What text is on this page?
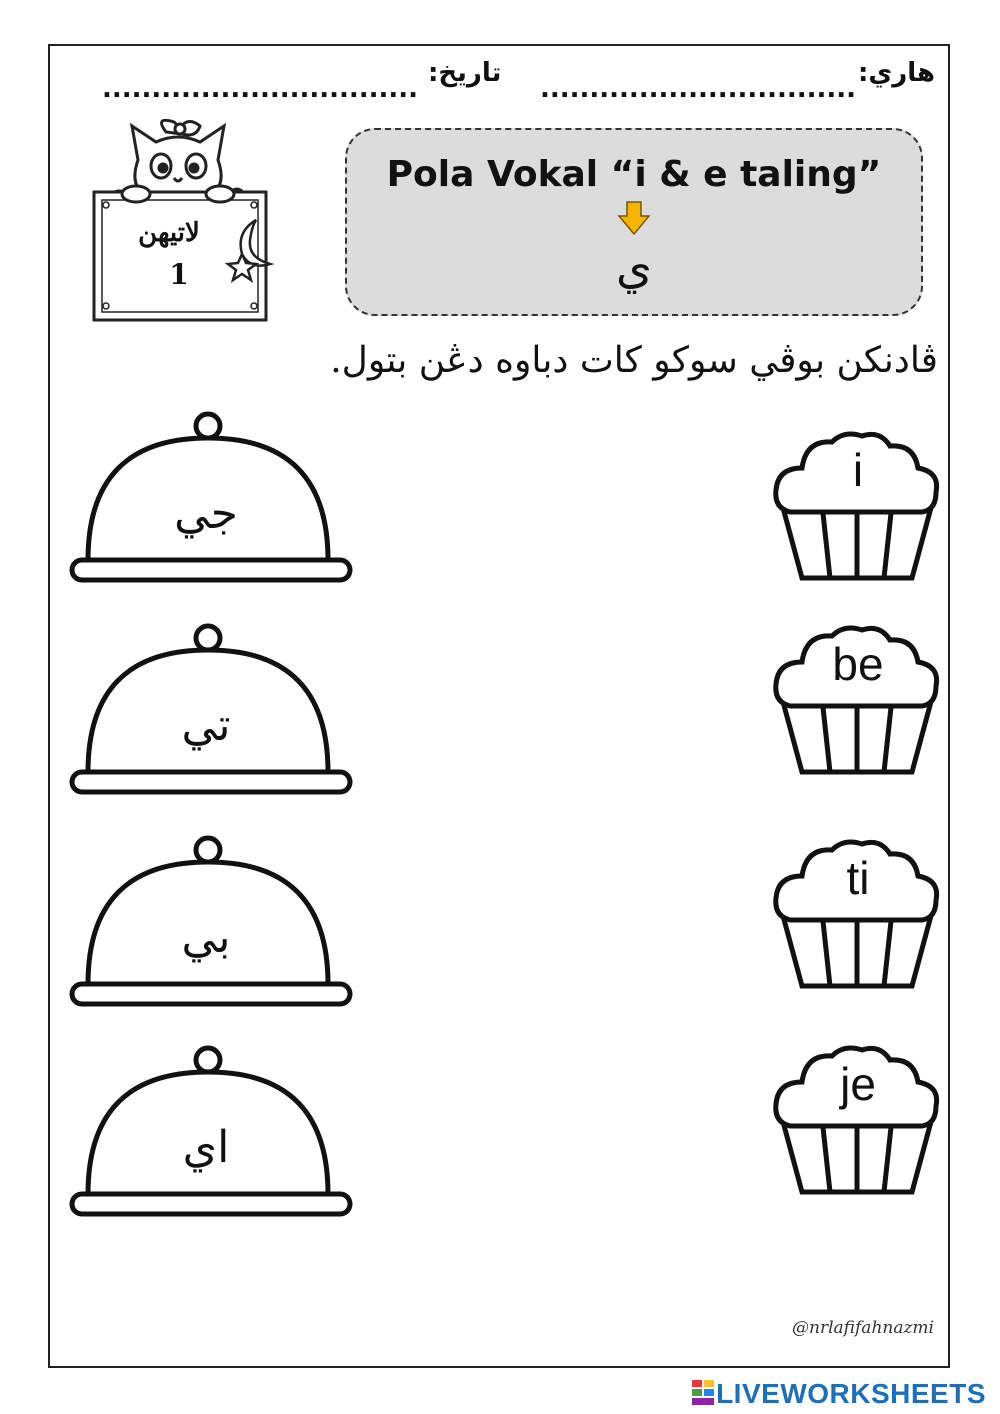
تاريخ:
................................
هاري:
................................
لاتيهن
1
Pola Vokal “i & e taling”
ي
ڤادنكن بوڤي سوكو كات دباوه دڠن بتول.
جي
تي
بي
اي
i
be
ti
je
@nrlafifahnazmi
LIVEWORKSHEETS
